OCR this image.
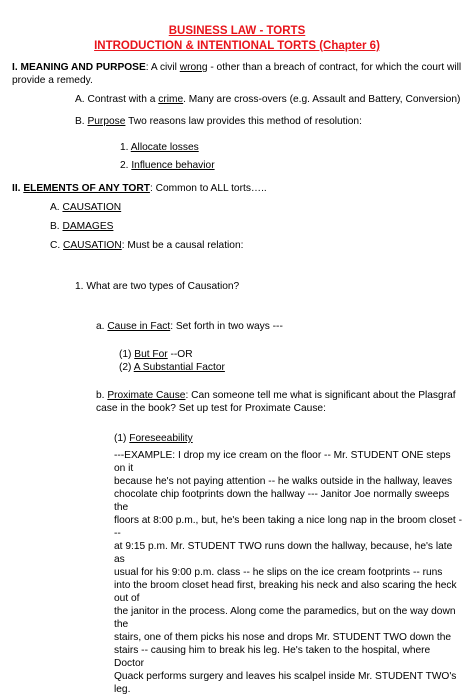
BUSINESS LAW - TORTS
INTRODUCTION & INTENTIONAL TORTS (Chapter 6)
I. MEANING AND PURPOSE: A civil wrong - other than a breach of contract, for which the court will
provide a remedy.
A. Contrast with a crime. Many are cross-overs (e.g. Assault and Battery, Conversion)
B. Purpose Two reasons law provides this method of resolution:
1. Allocate losses
2. Influence behavior
II. ELEMENTS OF ANY TORT: Common to ALL torts…..
A. CAUSATION
B. DAMAGES
C. CAUSATION: Must be a causal relation:
1. What are two types of Causation?
a. Cause in Fact: Set forth in two ways ---
(1) But For --OR
(2) A Substantial Factor
b. Proximate Cause: Can someone tell me what is significant about the Plasgraf
case in the book? Set up test for Proximate Cause:
(1) Foreseeability
---EXAMPLE: I drop my ice cream on the floor -- Mr. STUDENT ONE steps on it
because he's not paying attention -- he walks outside in the hallway, leaves
chocolate chip footprints down the hallway --- Janitor Joe normally sweeps the
floors at 8:00 p.m., but, he's been taking a nice long nap in the broom closet ---
at 9:15 p.m. Mr. STUDENT TWO runs down the hallway, because, he's late as
usual for his 9:00 p.m. class -- he slips on the ice cream footprints -- runs
into the broom closet head first, breaking his neck and also scaring the heck out of
the janitor in the process. Along come the paramedics, but on the way down the
stairs, one of them picks his nose and drops Mr. STUDENT TWO down the
stairs -- causing him to break his leg. He's taken to the hospital, where Doctor
Quack performs surgery and leaves his scalpel inside Mr. STUDENT TWO's
leg.
